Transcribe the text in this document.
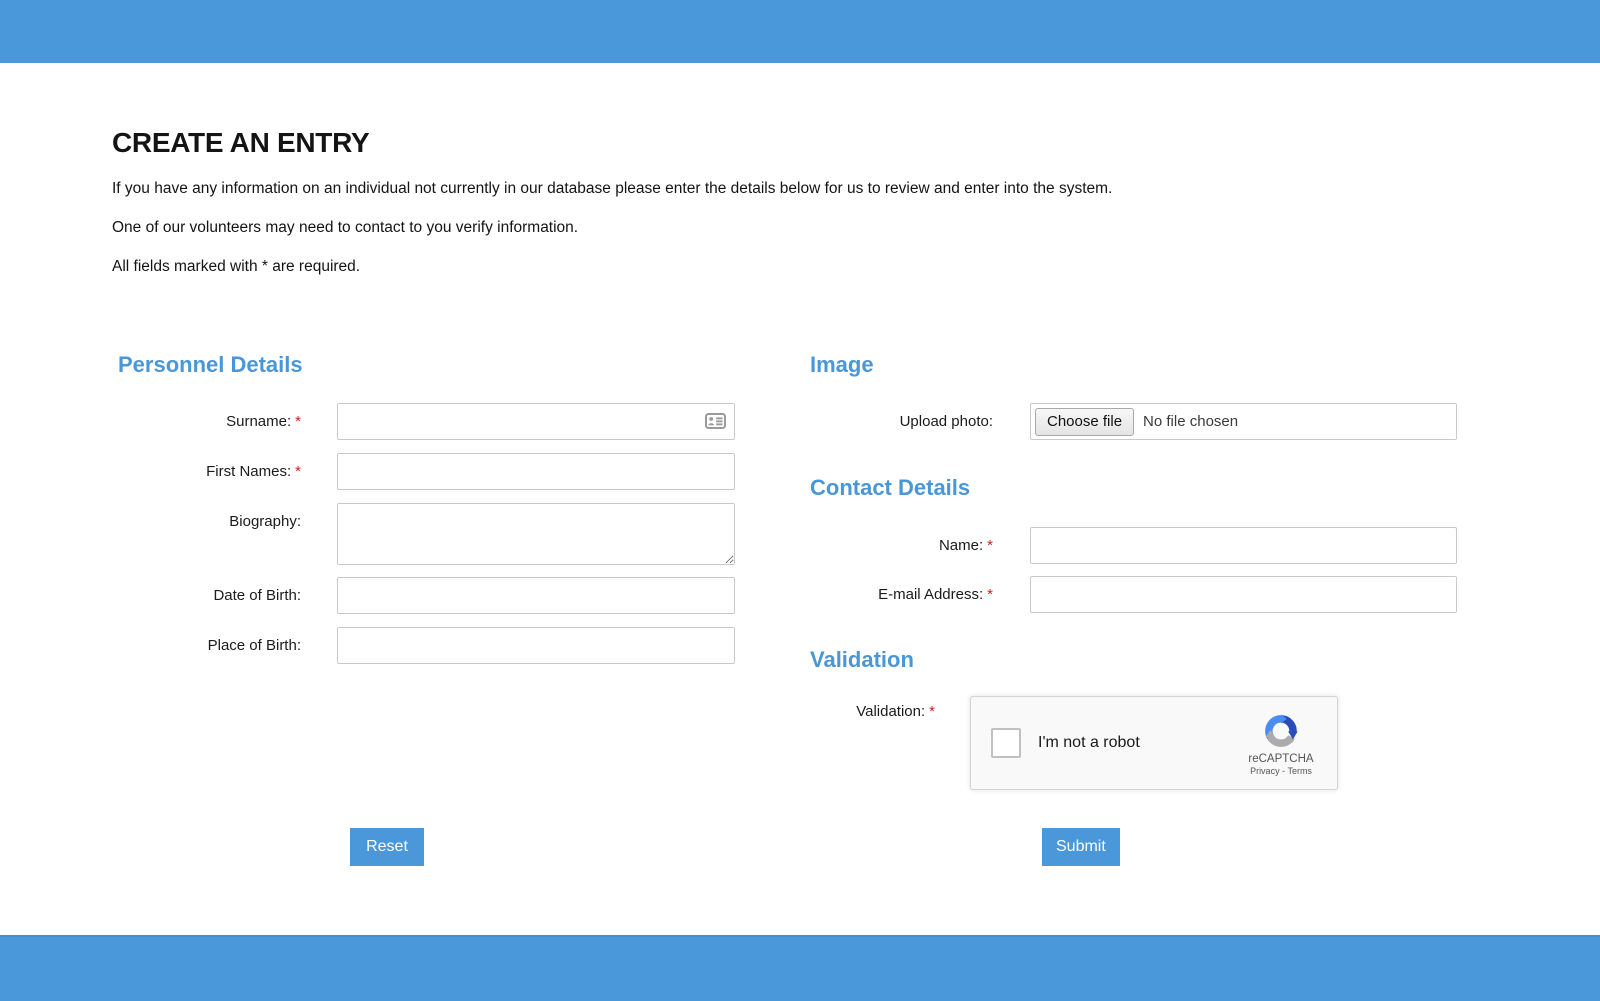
CREATE AN ENTRY

If you have any information on an individual not currently in our database please enter the details below for us to review and enter into the system.

One of our volunteers may need to contact to you verify information.

All fields marked with * are required.

Personnel Details
Surname: *
First Names: *
Biography:
Date of Birth:
Place of Birth:
Image
Upload photo:	Choose file	No file chosen
Contact Details
Name: *
E-mail Address: *
Validation
Validation: *
I'm not a robot
reCAPTCHA
Privacy - Terms
Reset	Submit
